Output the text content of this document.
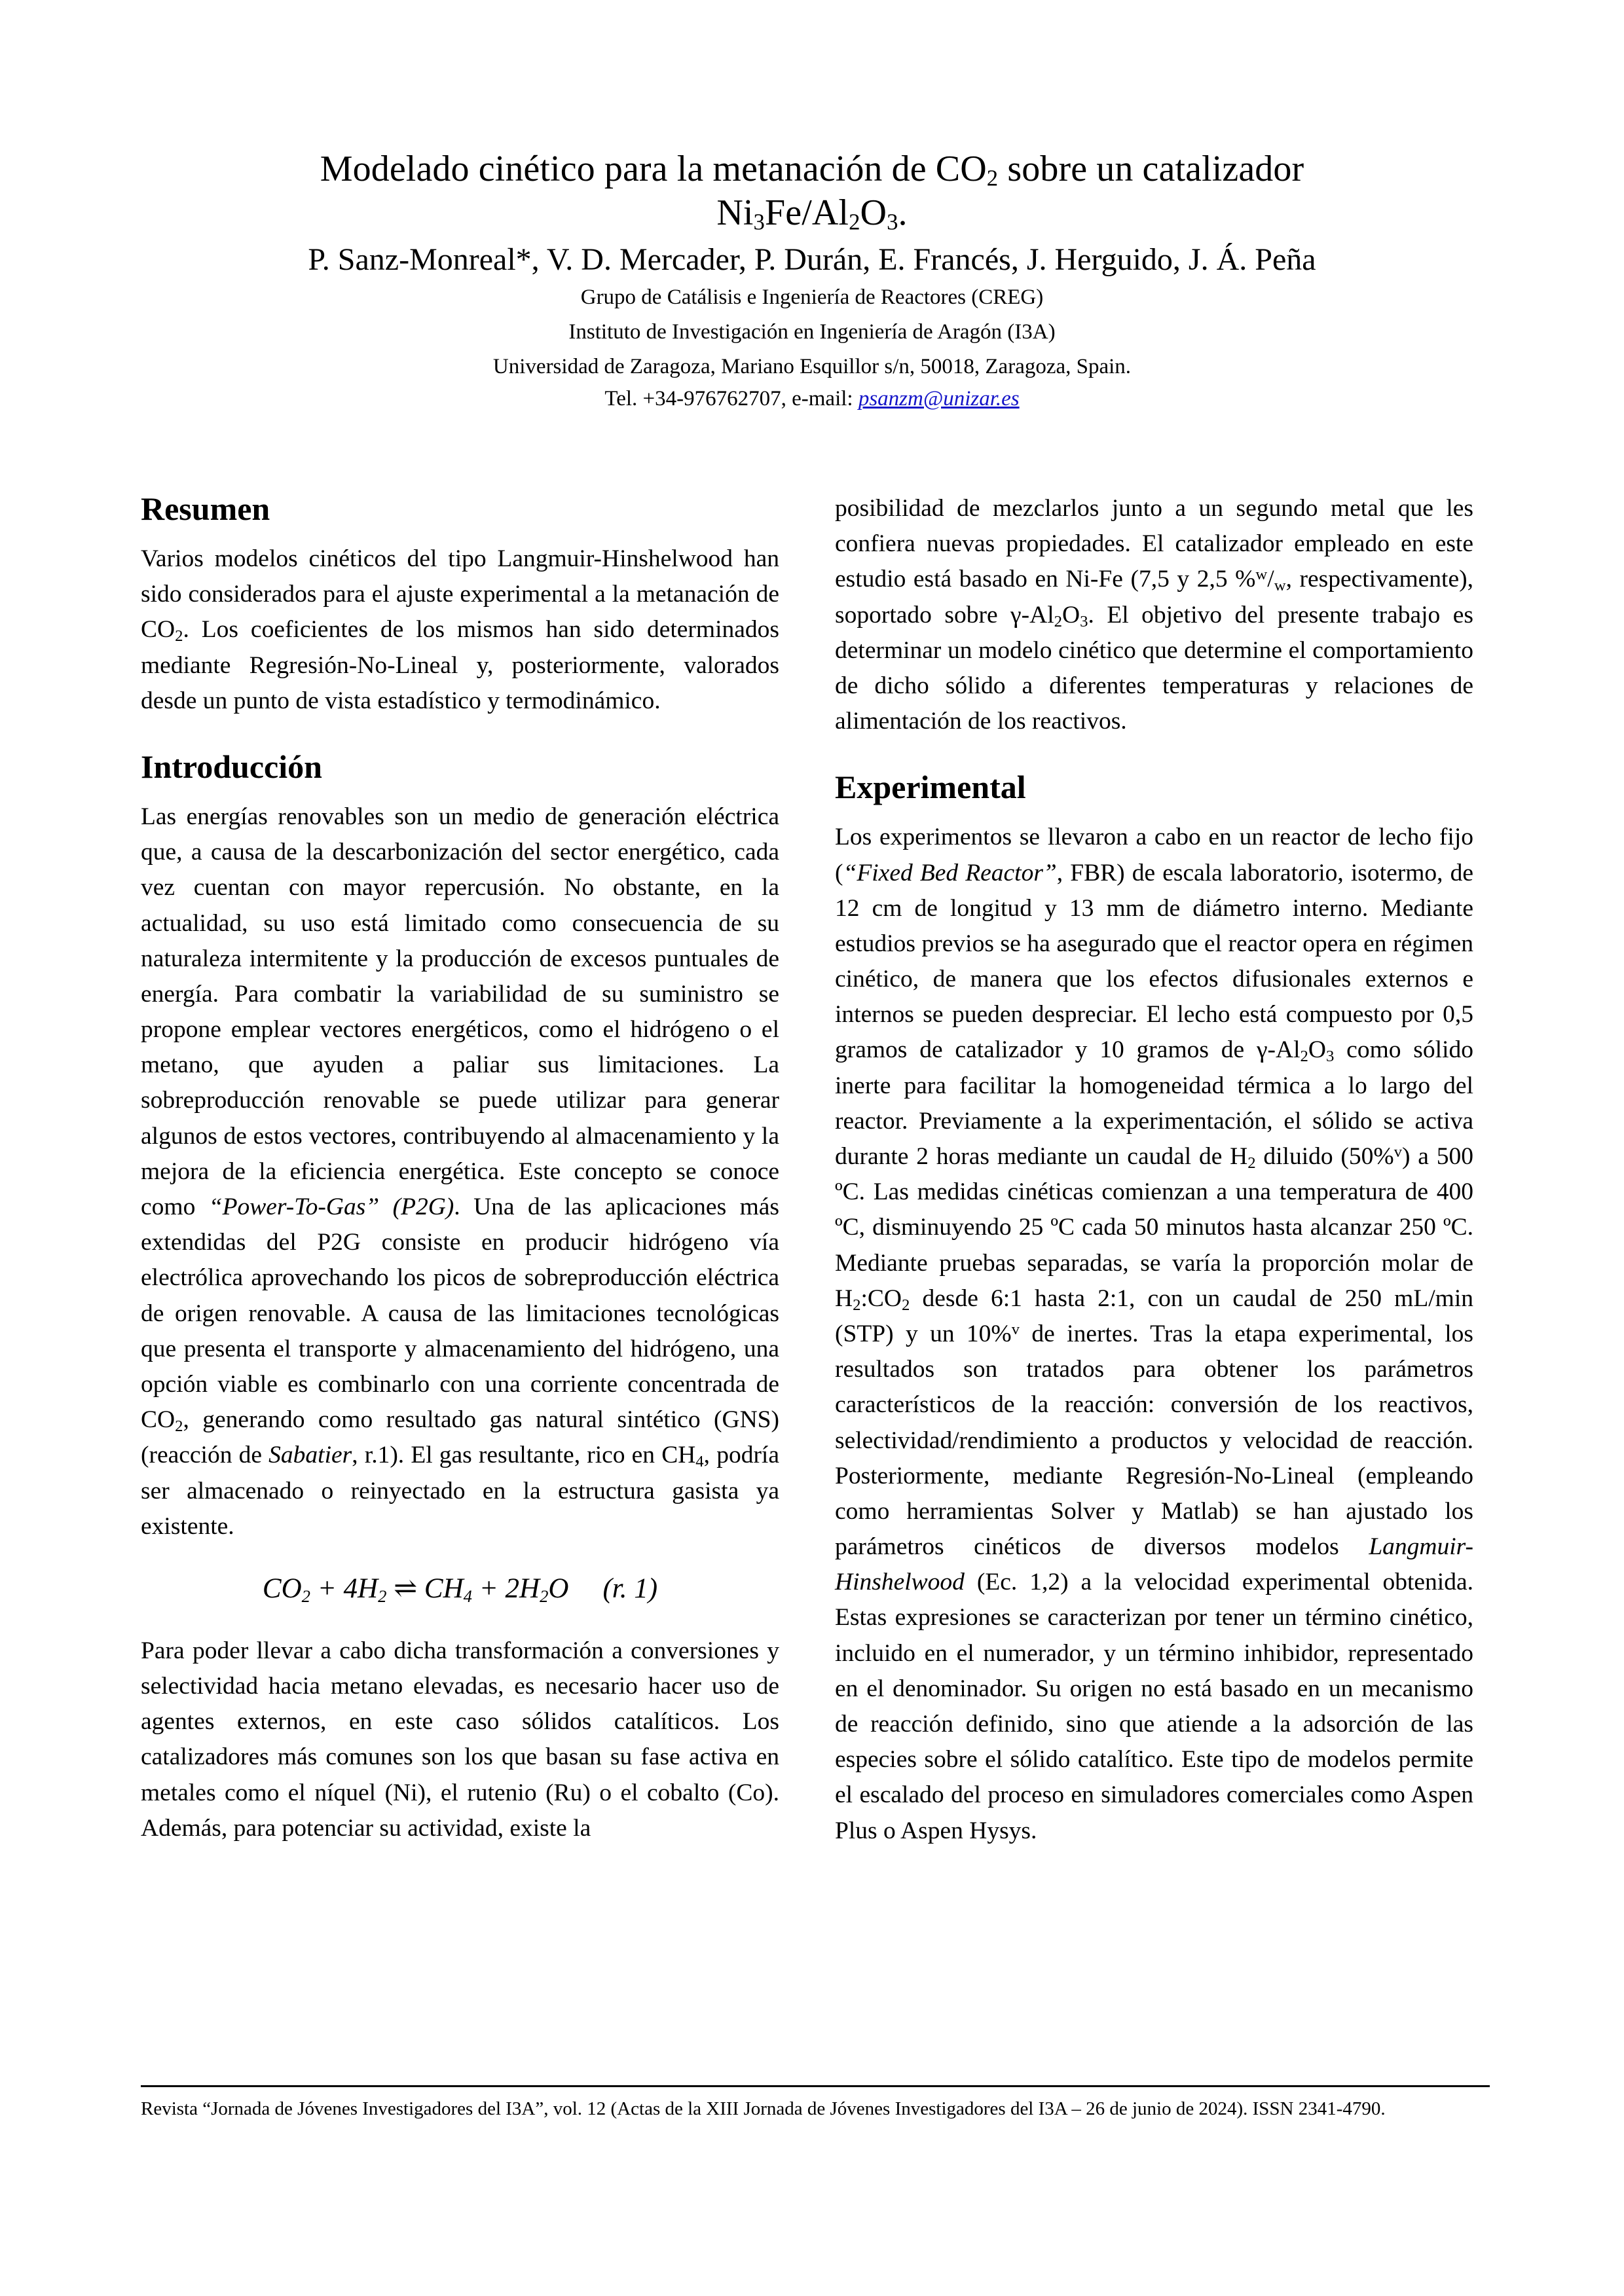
Modelado cinético para la metanación de $CO_2$ sobre un catalizador
$Ni_3Fe/Al_2O_3$.

P. Sanz-Monreal*, V. D. Mercader, P. Durán, E. Francés, J. Herguido, J. Á. Peña

Grupo de Catálisis e Ingeniería de Reactores (CREG)

Instituto de Investigación en Ingeniería de Aragón (I3A)

Universidad de Zaragoza, Mariano Esquillor s/n, 50018, Zaragoza, Spain.

Tel. +34-976762707, e-mail: psanzm@unizar.es

Resumen

Varios modelos cinéticos del tipo Langmuir-Hinshelwood han sido considerados para el ajuste experimental a la metanación de $CO_2$. Los coeficientes de los mismos han sido determinados mediante Regresión-No-Lineal y, posteriormente, valorados desde un punto de vista estadístico y termodinámico.

Introducción

Las energías renovables son un medio de generación eléctrica que, a causa de la descarbonización del sector energético, cada vez cuentan con mayor repercusión. No obstante, en la actualidad, su uso está limitado como consecuencia de su naturaleza intermitente y la producción de excesos puntuales de energía. Para combatir la variabilidad de su suministro se propone emplear vectores energéticos, como el hidrógeno o el metano, que ayuden a paliar sus limitaciones. La sobreproducción renovable se puede utilizar para generar algunos de estos vectores, contribuyendo al almacenamiento y la mejora de la eficiencia energética. Este concepto se conoce como “Power-To-Gas” (P2G). Una de las aplicaciones más extendidas del P2G consiste en producir hidrógeno vía electrólica aprovechando los picos de sobreproducción eléctrica de origen renovable. A causa de las limitaciones tecnológicas que presenta el transporte y almacenamiento del hidrógeno, una opción viable es combinarlo con una corriente concentrada de $CO_2$, generando como resultado gas natural sintético (GNS) (reacción de Sabatier, r.1). El gas resultante, rico en $CH_4$, podría ser almacenado o reinyectado en la estructura gasista ya existente.

$CO_2 + 4H_2$ ⇌ $CH_4 + 2H_2O$ (r. 1)

Para poder llevar a cabo dicha transformación a conversiones y selectividad hacia metano elevadas, es necesario hacer uso de agentes externos, en este caso sólidos catalíticos. Los catalizadores más comunes son los que basan su fase activa en metales como el níquel (Ni), el rutenio (Ru) o el cobalto (Co). Además, para potenciar su actividad, existe la

posibilidad de mezclarlos junto a un segundo metal que les confiera nuevas propiedades. El catalizador empleado en este estudio está basado en Ni-Fe (7,5 y 2,5 $\%^w/_w$, respectivamente), soportado sobre $\gamma-Al_2O_3$. El objetivo del presente trabajo es determinar un modelo cinético que determine el comportamiento de dicho sólido a diferentes temperaturas y relaciones de alimentación de los reactivos.

Experimental

Los experimentos se llevaron a cabo en un reactor de lecho fijo (“Fixed Bed Reactor”, FBR) de escala laboratorio, isotermo, de 12 cm de longitud y 13 mm de diámetro interno. Mediante estudios previos se ha asegurado que el reactor opera en régimen cinético, de manera que los efectos difusionales externos e internos se pueden despreciar. El lecho está compuesto por 0,5 gramos de catalizador y 10 gramos de $\gamma-Al_2O_3$ como sólido inerte para facilitar la homogeneidad térmica a lo largo del reactor. Previamente a la experimentación, el sólido se activa durante 2 horas mediante un caudal de $H_2$ diluido (50%$^v$) a 500 ºC. Las medidas cinéticas comienzan a una temperatura de 400 ºC, disminuyendo 25 ºC cada 50 minutos hasta alcanzar 250 ºC. Mediante pruebas separadas, se varía la proporción molar de $H_2:CO_2$ desde 6:1 hasta 2:1, con un caudal de 250 mL/min (STP) y un 10%$^v$ de inertes. Tras la etapa experimental, los resultados son tratados para obtener los parámetros característicos de la reacción: conversión de los reactivos, selectividad/rendimiento a productos y velocidad de reacción. Posteriormente, mediante Regresión-No-Lineal (empleando como herramientas Solver y Matlab) se han ajustado los parámetros cinéticos de diversos modelos Langmuir-Hinshelwood (Ec. 1,2) a la velocidad experimental obtenida. Estas expresiones se caracterizan por tener un término cinético, incluido en el numerador, y un término inhibidor, representado en el denominador. Su origen no está basado en un mecanismo de reacción definido, sino que atiende a la adsorción de las especies sobre el sólido catalítico. Este tipo de modelos permite el escalado del proceso en simuladores comerciales como Aspen Plus o Aspen Hysys.

Revista “Jornada de Jóvenes Investigadores del I3A”, vol. 12 (Actas de la XIII Jornada de Jóvenes Investigadores del I3A – 26 de junio de 2024). ISSN 2341-4790.
